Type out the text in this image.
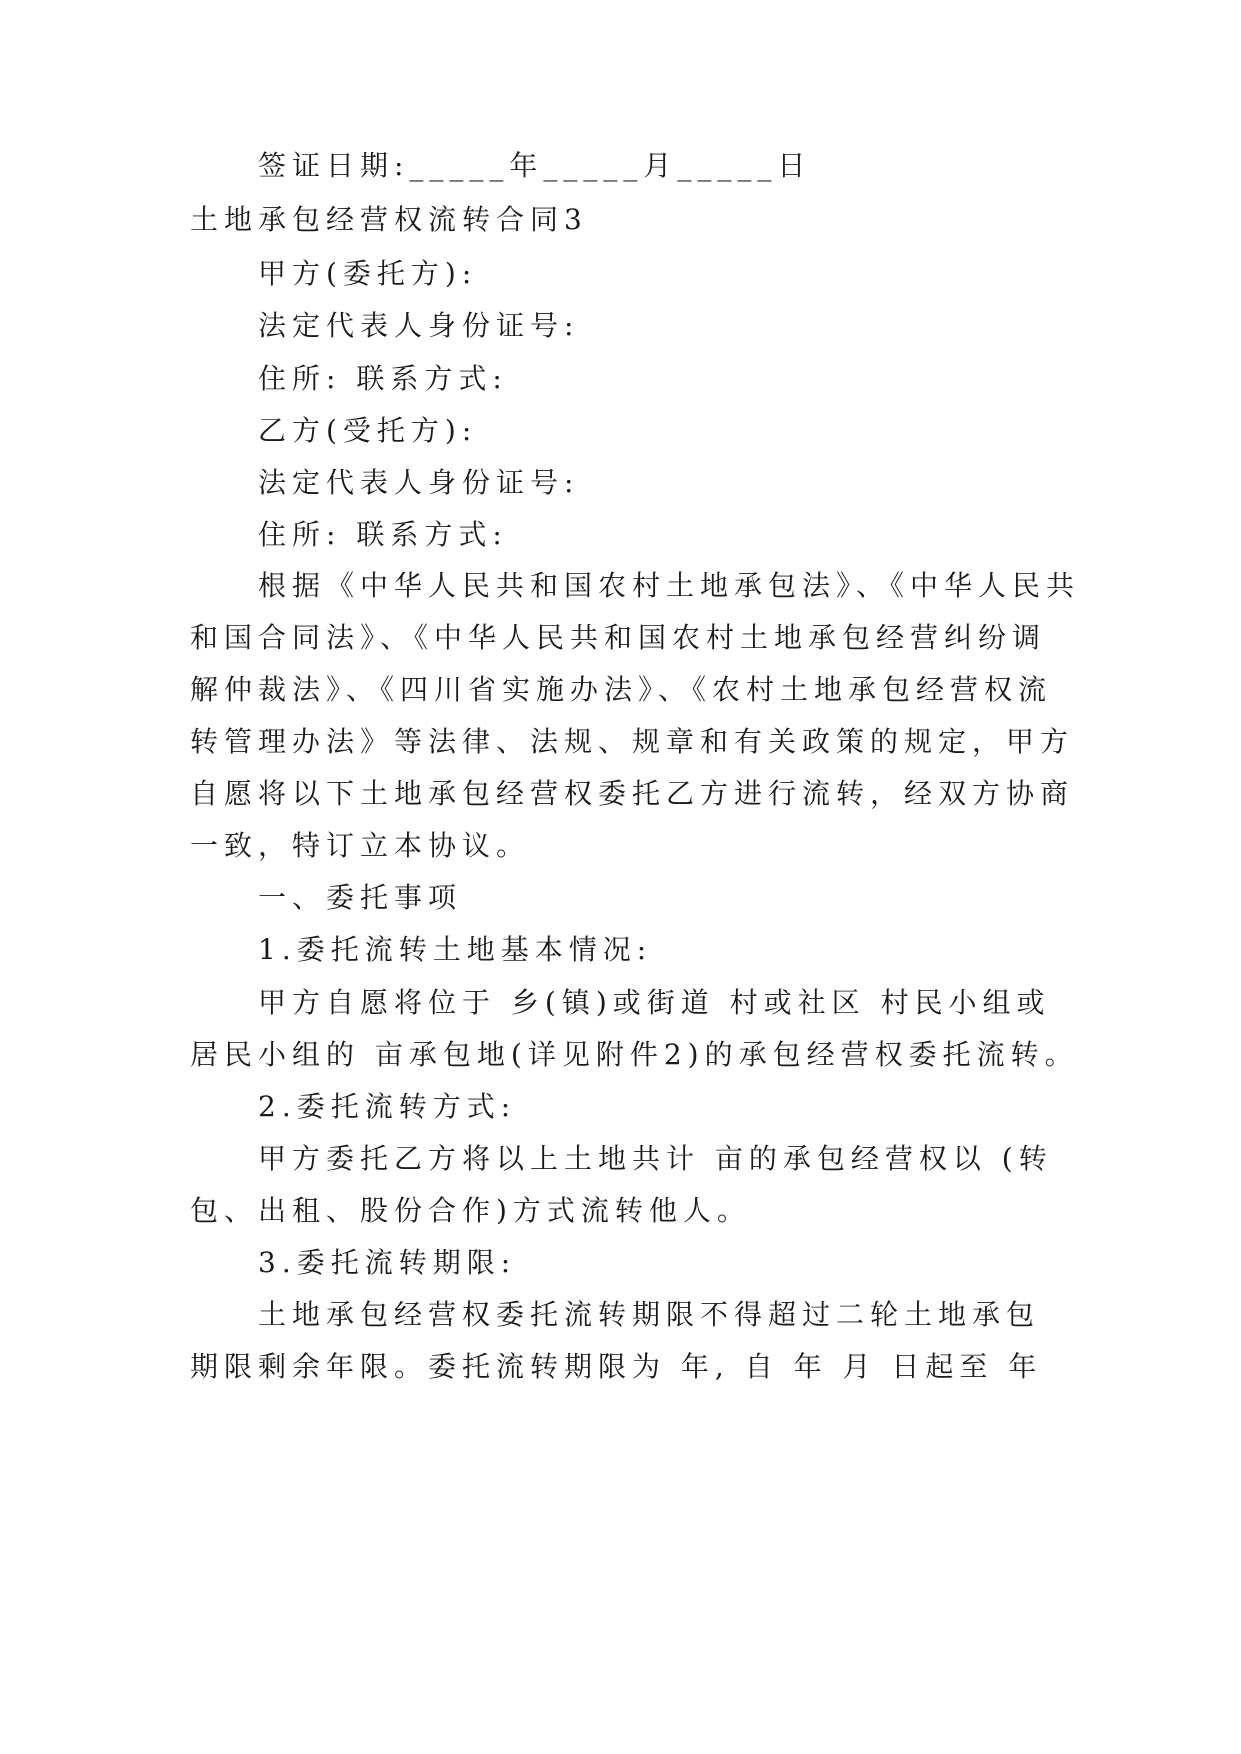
签证日期:_____年_____月_____日

土地承包经营权流转合同3

甲方(委托方):

法定代表人身份证号:

住所: 联系方式:

乙方(受托方):

法定代表人身份证号:

住所: 联系方式:

根据《中华人民共和国农村土地承包法》、《中华人民共

和国合同法》、《中华人民共和国农村土地承包经营纠纷调

解仲裁法》、《四川省实施办法》、《农村土地承包经营权流

转管理办法》等法律、法规、规章和有关政策的规定，甲方

自愿将以下土地承包经营权委托乙方进行流转，经双方协商

一致，特订立本协议。

一、委托事项

1.委托流转土地基本情况:

甲方自愿将位于 乡(镇)或街道 村或社区 村民小组或

居民小组的 亩承包地(详见附件2)的承包经营权委托流转。

2.委托流转方式:

甲方委托乙方将以上土地共计 亩的承包经营权以 (转

包、出租、股份合作)方式流转他人。

3.委托流转期限:

土地承包经营权委托流转期限不得超过二轮土地承包

期限剩余年限。委托流转期限为 年, 自 年 月 日起至 年
